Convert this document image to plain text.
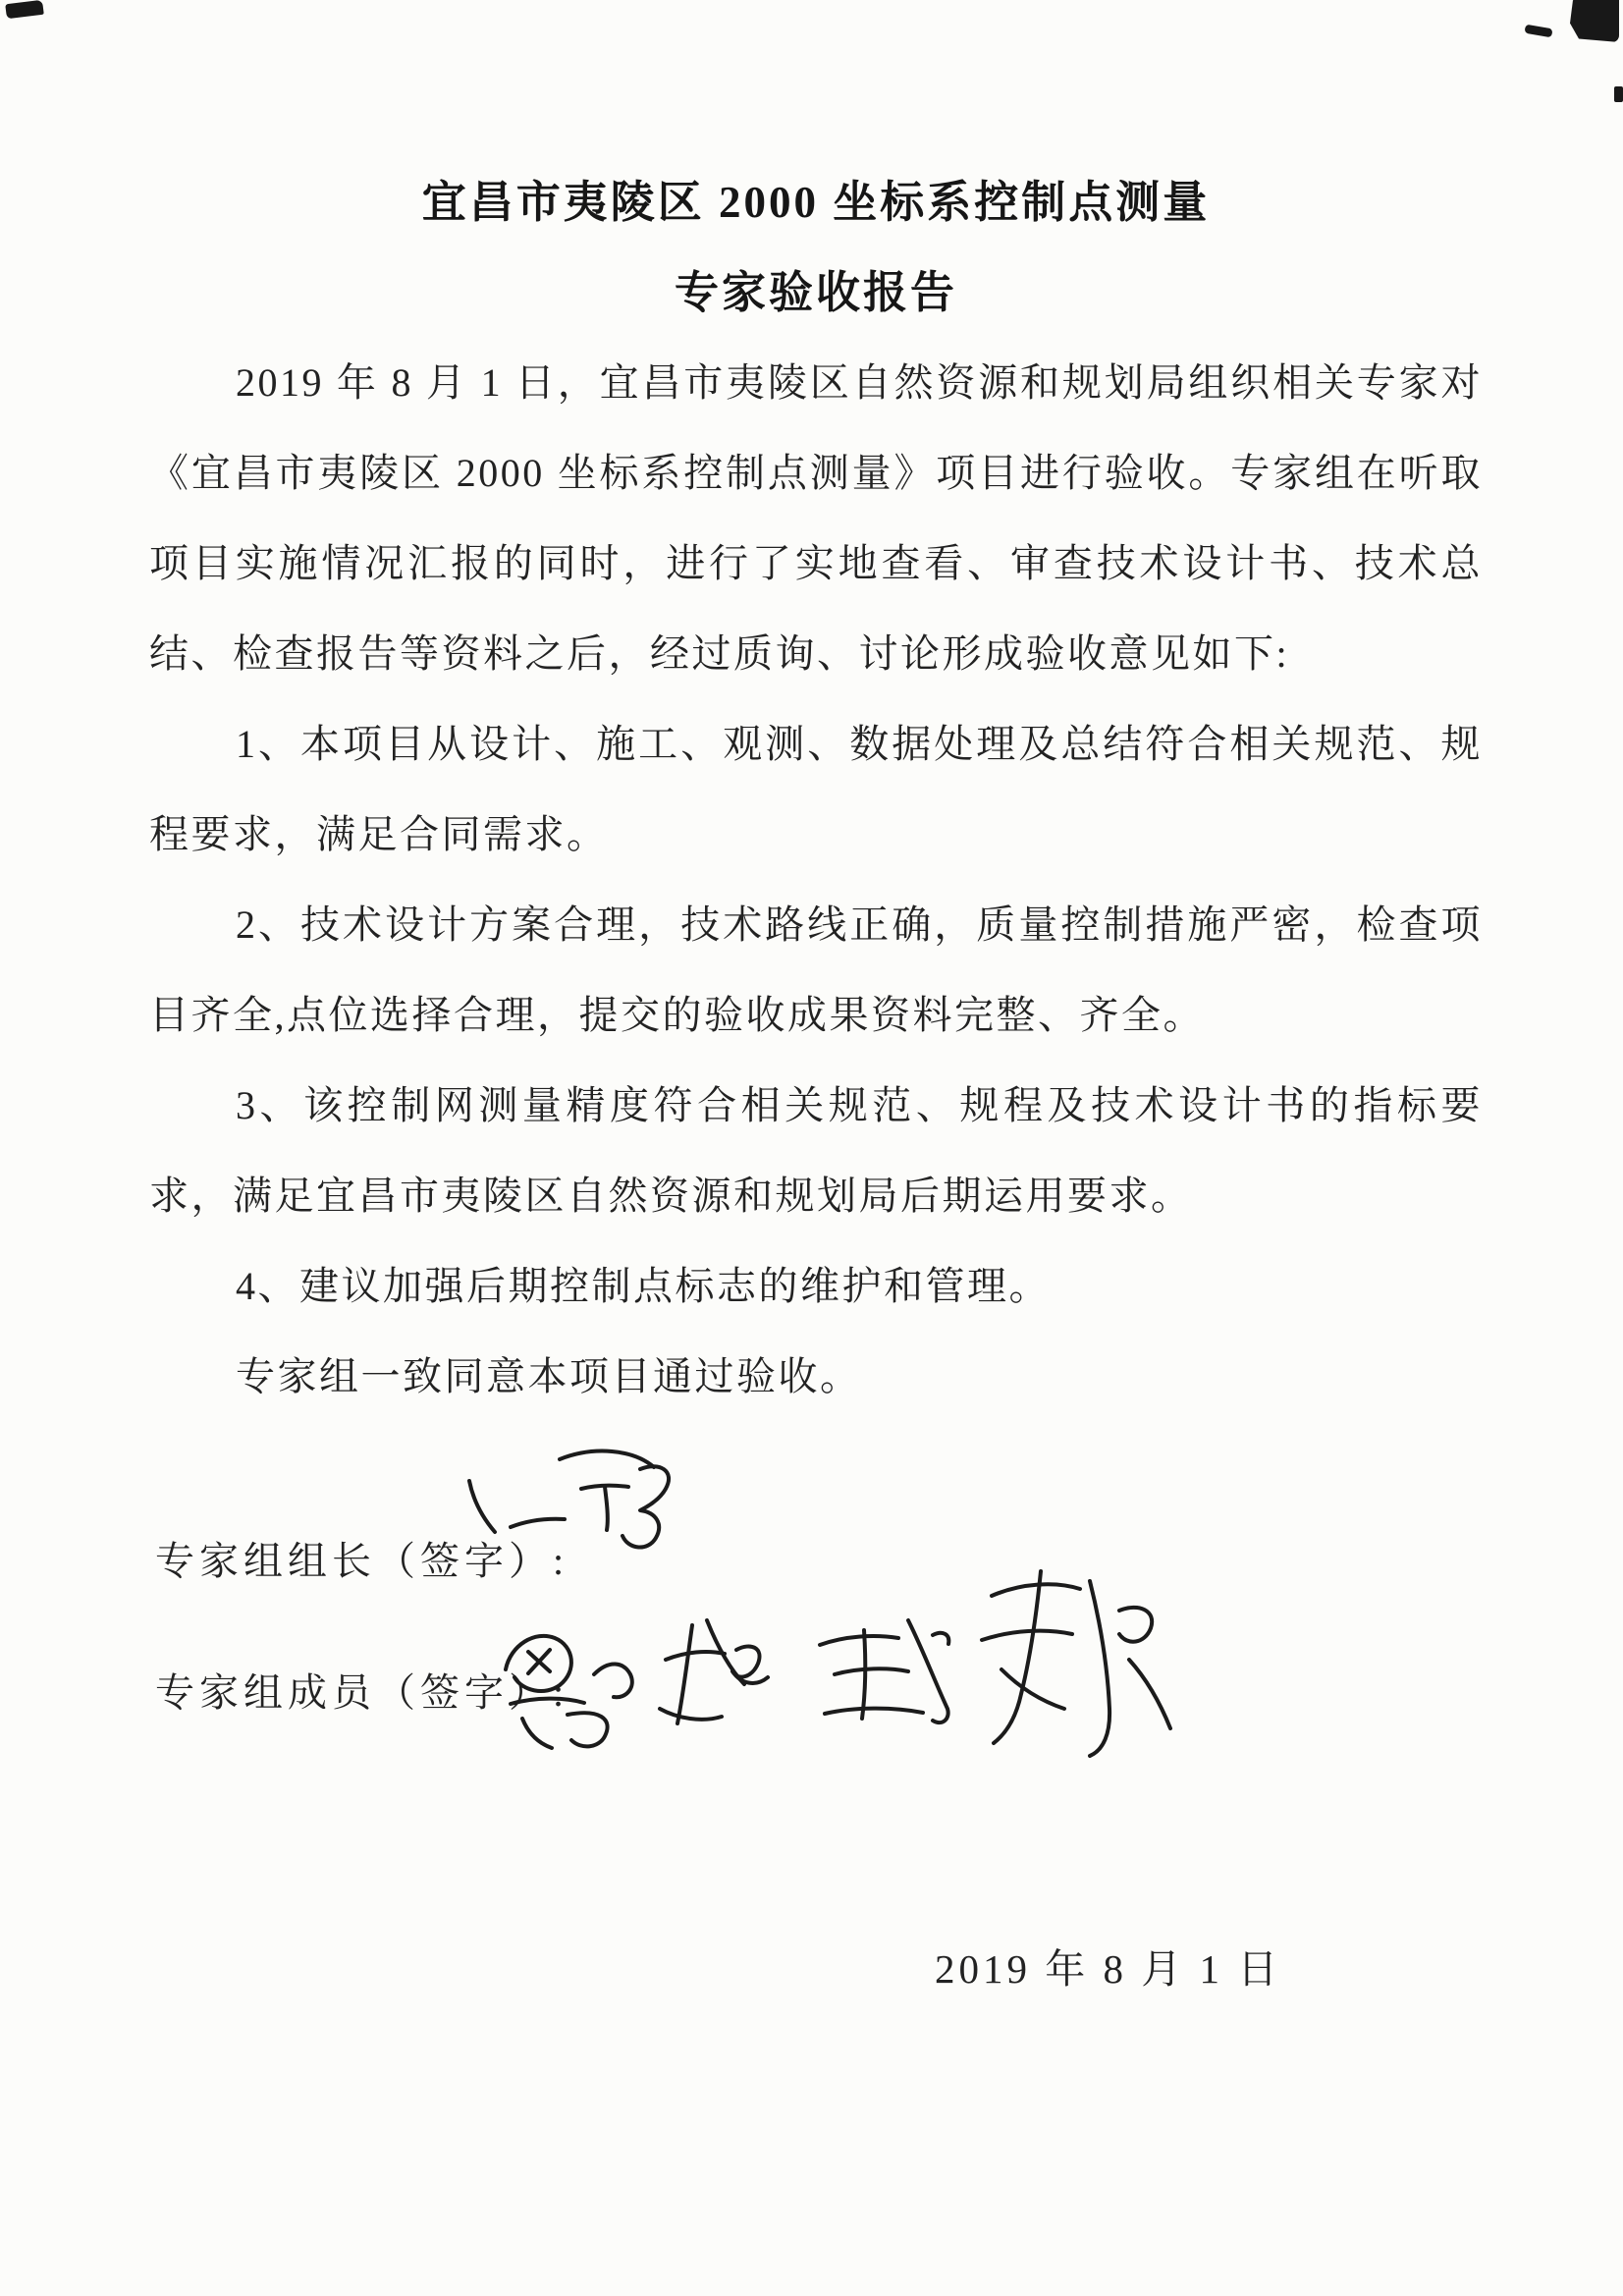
宜昌市夷陵区 2000 坐标系控制点测量
专家验收报告

2019 年 8 月 1 日，宜昌市夷陵区自然资源和规划局组织相关专家对《宜昌市夷陵区 2000 坐标系控制点测量》项目进行验收。专家组在听取项目实施情况汇报的同时，进行了实地查看、审查技术设计书、技术总结、检查报告等资料之后，经过质询、讨论形成验收意见如下:

1、本项目从设计、施工、观测、数据处理及总结符合相关规范、规程要求，满足合同需求。

2、技术设计方案合理，技术路线正确，质量控制措施严密，检查项目齐全,点位选择合理，提交的验收成果资料完整、齐全。

3、该控制网测量精度符合相关规范、规程及技术设计书的指标要求，满足宜昌市夷陵区自然资源和规划局后期运用要求。

4、建议加强后期控制点标志的维护和管理。

专家组一致同意本项目通过验收。

专家组组长（签字）:
专家组成员（签字）:
2019 年 8 月 1 日
